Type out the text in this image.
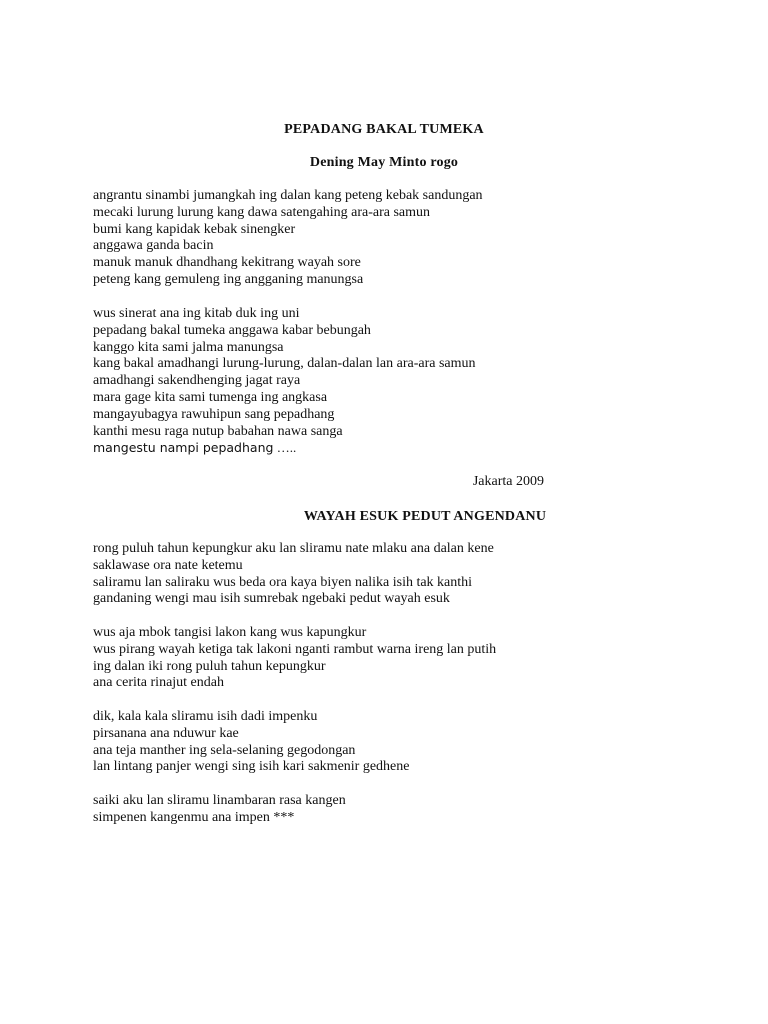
PEPADANG BAKAL TUMEKA
Dening May Minto rogo
angrantu sinambi jumangkah ing dalan kang peteng kebak sandungan
mecaki lurung lurung kang dawa satengahing ara-ara samun
bumi kang kapidak kebak sinengker
anggawa ganda bacin
manuk manuk dhandhang kekitrang wayah sore
peteng kang gemuleng ing angganing manungsa
wus sinerat ana ing kitab duk ing uni
pepadang bakal tumeka anggawa kabar bebungah
kanggo kita sami jalma manungsa
kang bakal amadhangi lurung-lurung, dalan-dalan lan ara-ara samun
amadhangi sakendhenging jagat raya
mara gage kita sami tumenga ing angkasa
mangayubagya rawuhipun sang pepadhang
kanthi mesu raga nutup babahan nawa sanga
mangestu nampi pepadhang …..
Jakarta 2009
WAYAH ESUK PEDUT ANGENDANU
rong puluh tahun kepungkur aku lan sliramu nate mlaku ana dalan kene
saklawase ora nate ketemu
saliramu lan saliraku wus beda ora kaya biyen nalika isih tak kanthi
gandaning wengi mau isih sumrebak ngebaki pedut wayah esuk
wus aja mbok tangisi lakon kang wus kapungkur
wus pirang wayah ketiga tak lakoni nganti rambut warna ireng lan putih
ing dalan iki rong puluh tahun kepungkur
ana cerita rinajut endah
dik, kala kala sliramu isih dadi impenku
pirsanana ana nduwur kae
ana teja manther ing sela-selaning gegodongan
lan lintang panjer wengi sing isih kari sakmenir gedhene
saiki aku lan sliramu linambaran rasa kangen
simpenen kangenmu ana impen ***
